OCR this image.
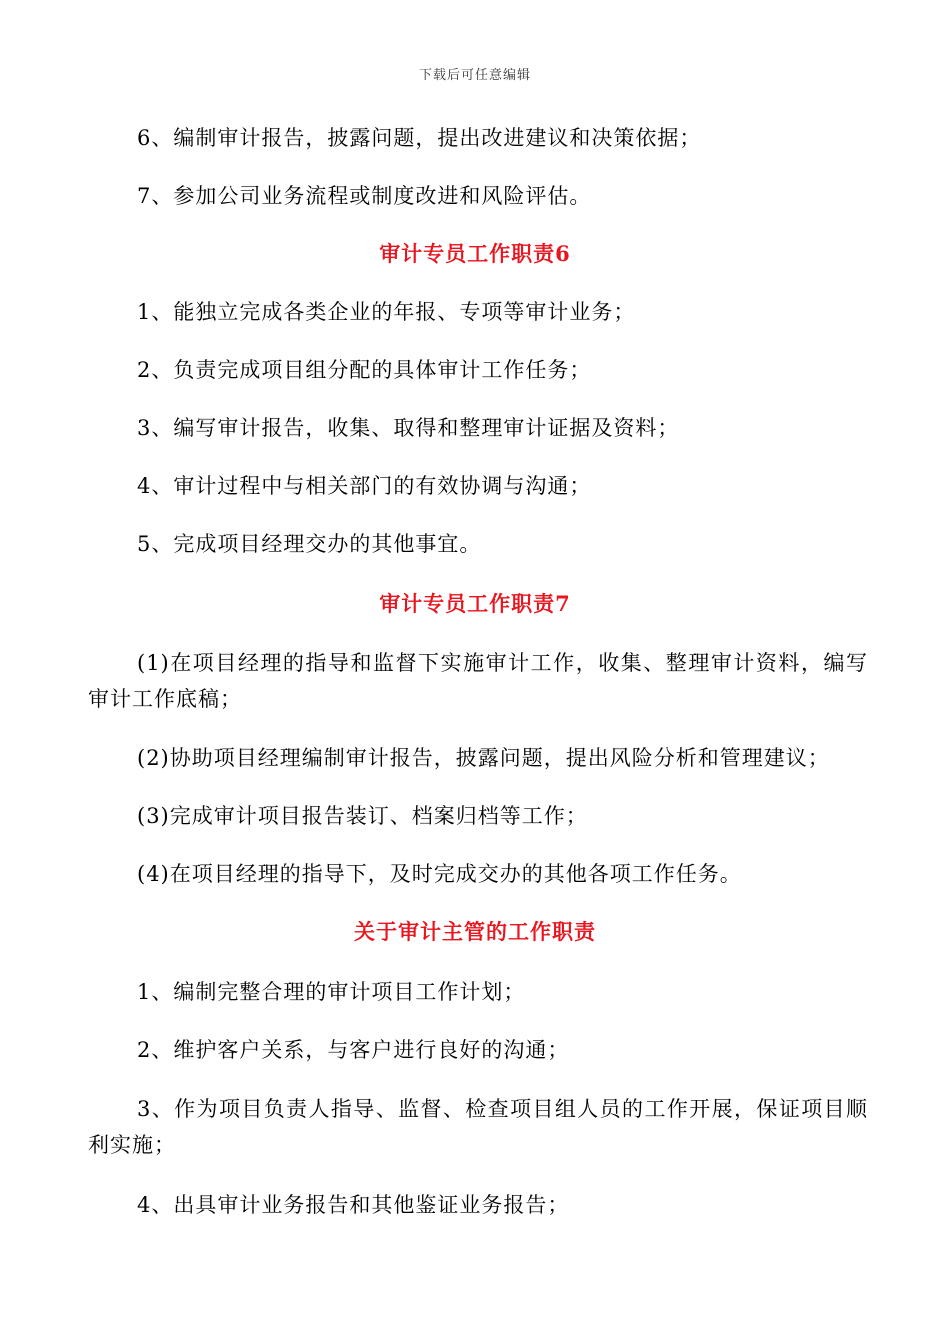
下载后可任意编辑
6、编制审计报告，披露问题，提出改进建议和决策依据；
7、参加公司业务流程或制度改进和风险评估。
审计专员工作职责6
1、能独立完成各类企业的年报、专项等审计业务；
2、负责完成项目组分配的具体审计工作任务；
3、编写审计报告，收集、取得和整理审计证据及资料；
4、审计过程中与相关部门的有效协调与沟通；
5、完成项目经理交办的其他事宜。
审计专员工作职责7
(1)在项目经理的指导和监督下实施审计工作，收集、整理审计资料，编写审计工作底稿；
(2)协助项目经理编制审计报告，披露问题，提出风险分析和管理建议；
(3)完成审计项目报告装订、档案归档等工作；
(4)在项目经理的指导下，及时完成交办的其他各项工作任务。
关于审计主管的工作职责
1、编制完整合理的审计项目工作计划；
2、维护客户关系，与客户进行良好的沟通；
3、作为项目负责人指导、监督、检查项目组人员的工作开展，保证项目顺利实施；
4、出具审计业务报告和其他鉴证业务报告；
